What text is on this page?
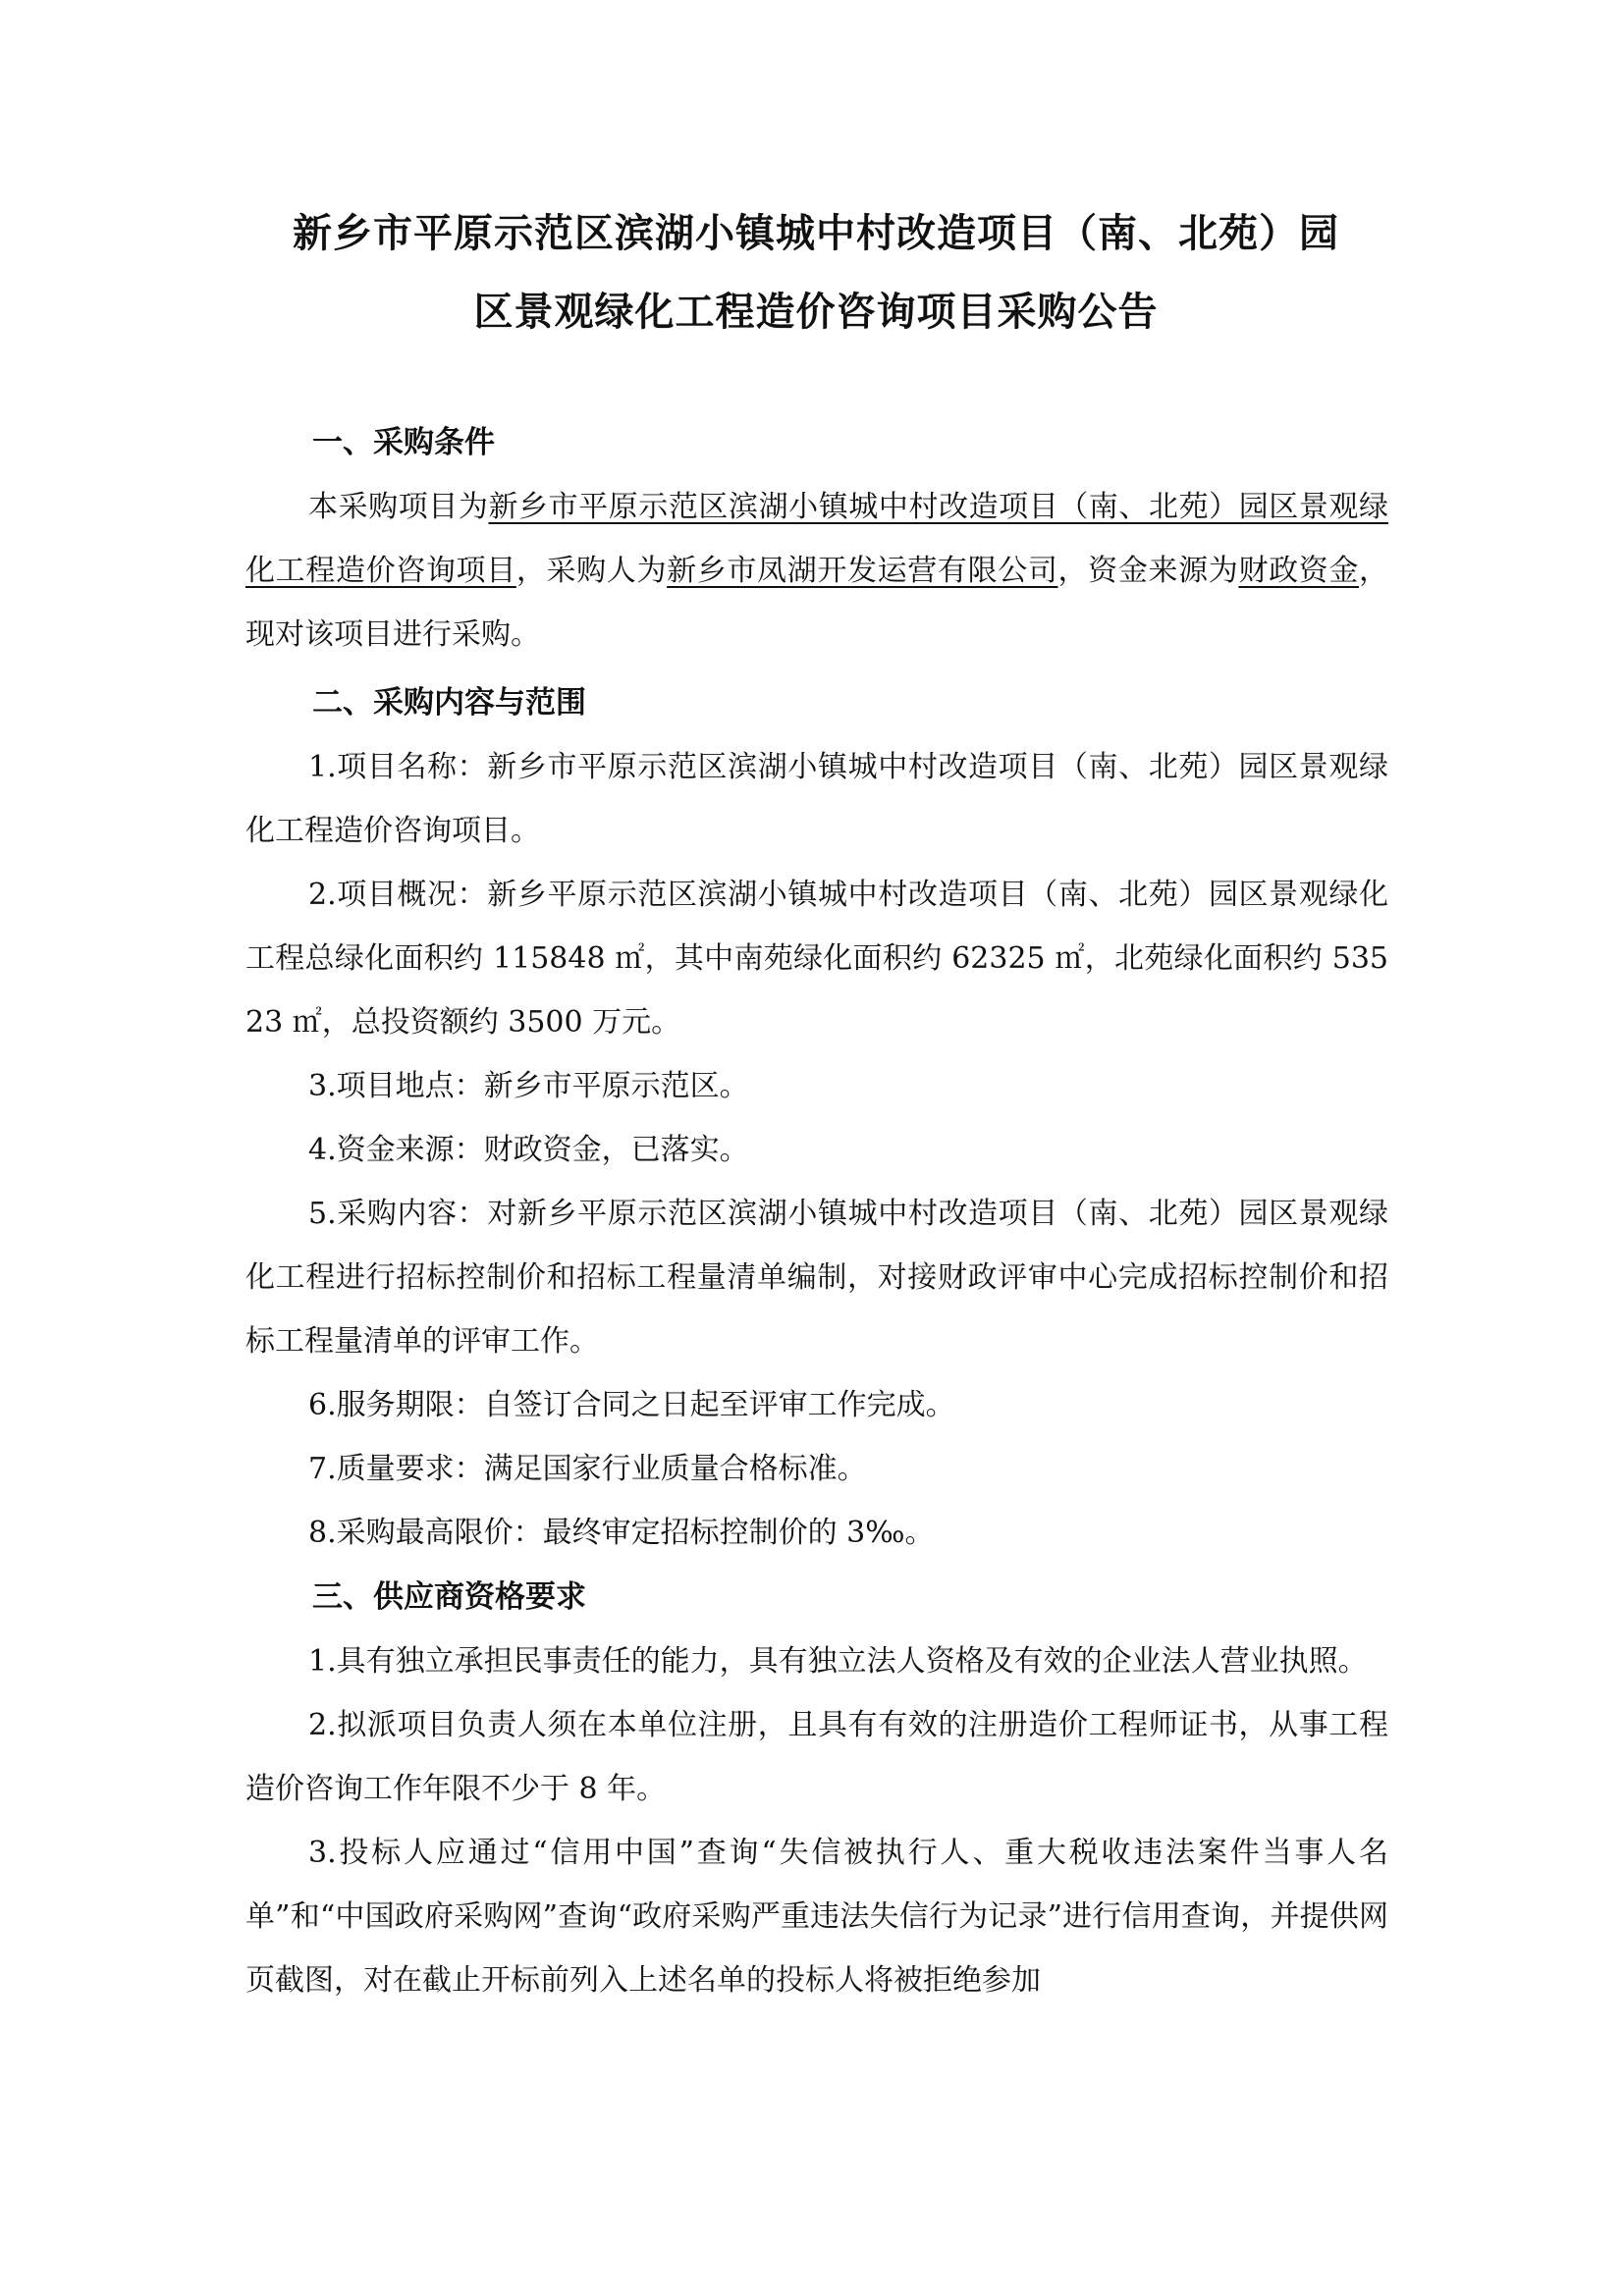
新乡市平原示范区滨湖小镇城中村改造项目（南、北苑）园
区景观绿化工程造价咨询项目采购公告

一、采购条件

本采购项目为新乡市平原示范区滨湖小镇城中村改造项目（南、北苑）园区景观绿化工程造价咨询项目，采购人为新乡市凤湖开发运营有限公司，资金来源为财政资金，现对该项目进行采购。

二、采购内容与范围

1.项目名称：新乡市平原示范区滨湖小镇城中村改造项目（南、北苑）园区景观绿化工程造价咨询项目。

2.项目概况：新乡平原示范区滨湖小镇城中村改造项目（南、北苑）园区景观绿化工程总绿化面积约 115848 ㎡，其中南苑绿化面积约 62325 ㎡，北苑绿化面积约 53523 ㎡，总投资额约 3500 万元。

3.项目地点：新乡市平原示范区。

4.资金来源：财政资金，已落实。

5.采购内容：对新乡平原示范区滨湖小镇城中村改造项目（南、北苑）园区景观绿化工程进行招标控制价和招标工程量清单编制，对接财政评审中心完成招标控制价和招标工程量清单的评审工作。

6.服务期限：自签订合同之日起至评审工作完成。

7.质量要求：满足国家行业质量合格标准。

8.采购最高限价：最终审定招标控制价的 3‰。

三、供应商资格要求

1.具有独立承担民事责任的能力，具有独立法人资格及有效的企业法人营业执照。

2.拟派项目负责人须在本单位注册，且具有有效的注册造价工程师证书，从事工程造价咨询工作年限不少于 8 年。

3.投标人应通过“信用中国”查询“失信被执行人、重大税收违法案件当事人名单”和“中国政府采购网”查询“政府采购严重违法失信行为记录”进行信用查询，并提供网页截图，对在截止开标前列入上述名单的投标人将被拒绝参加
